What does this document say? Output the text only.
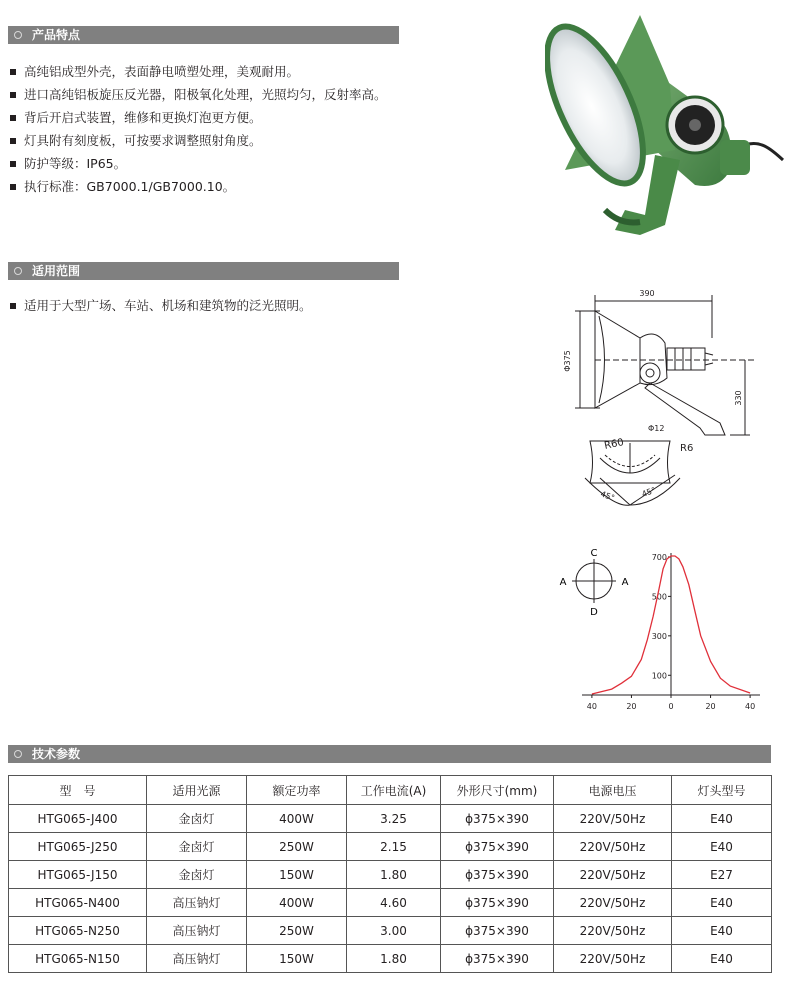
产品特点
高纯铝成型外壳，表面静电喷塑处理，美观耐用。
进口高纯铝板旋压反光器，阳极氧化处理，光照均匀，反射率高。
背后开启式装置，维修和更换灯泡更方便。
灯具附有刻度板，可按要求调整照射角度。
防护等级：IP65。
执行标准：GB7000.1/GB7000.10。
适用范围
适用于大型广场、车站、机场和建筑物的泛光照明。
390
Φ375
330
Φ12
R60	R6
45°	45°
C
D
A	A
40	20	0	20	40
100
300
500
700
技术参数
型　号	适用光源	额定功率	工作电流(A)	外形尺寸(mm)	电源电压	灯头型号
HTG065-J400	金卤灯	400W	3.25	ϕ375×390	220V/50Hz	E40
HTG065-J250	金卤灯	250W	2.15	ϕ375×390	220V/50Hz	E40
HTG065-J150	金卤灯	150W	1.80	ϕ375×390	220V/50Hz	E27
HTG065-N400	高压钠灯	400W	4.60	ϕ375×390	220V/50Hz	E40
HTG065-N250	高压钠灯	250W	3.00	ϕ375×390	220V/50Hz	E40
HTG065-N150	高压钠灯	150W	1.80	ϕ375×390	220V/50Hz	E40
